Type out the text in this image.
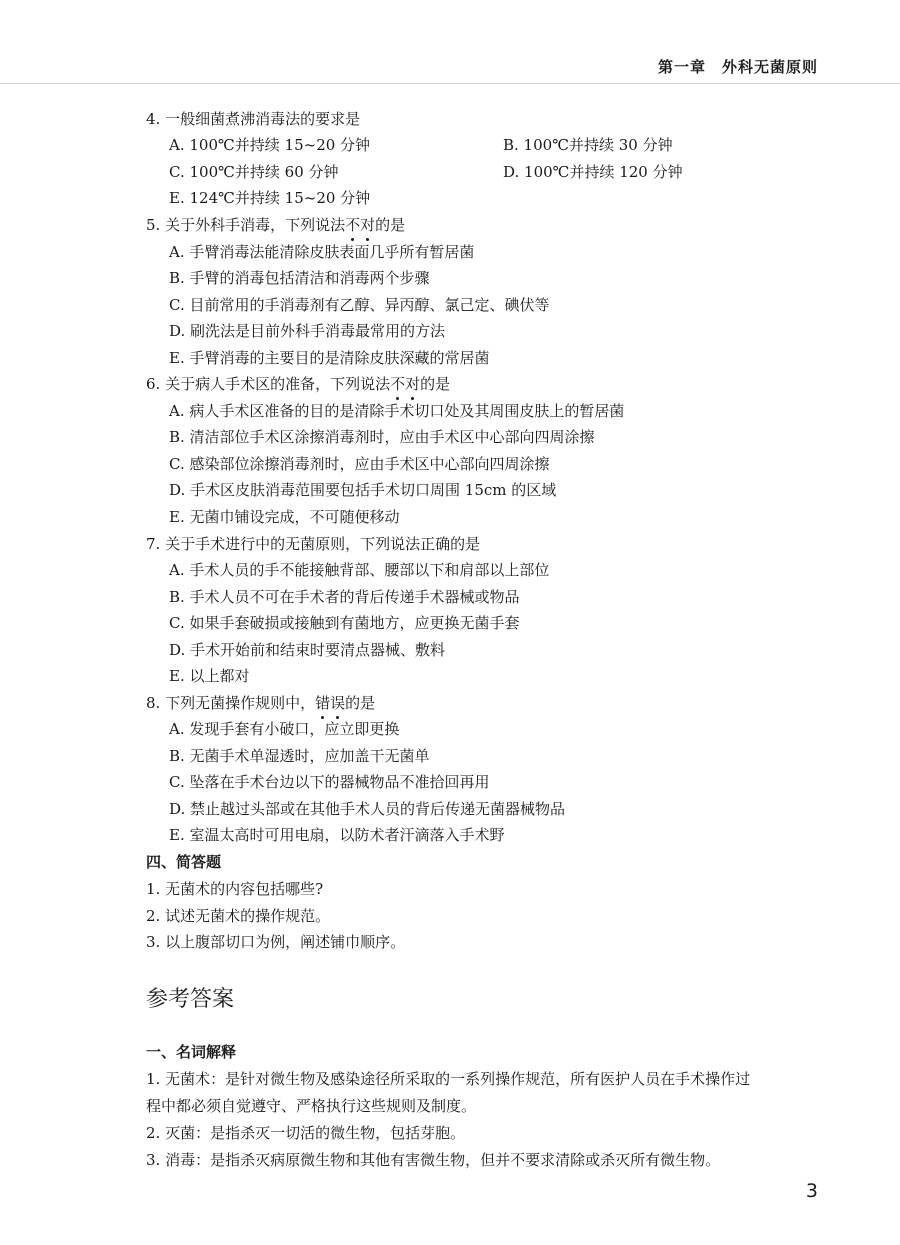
第一章　外科无菌原则
4. 一般细菌煮沸消毒法的要求是
A. 100℃并持续 15~20 分钟	B. 100℃并持续 30 分钟
C. 100℃并持续 60 分钟	D. 100℃并持续 120 分钟
E. 124℃并持续 15~20 分钟
5. 关于外科手消毒，下列说法不对的是
A. 手臂消毒法能清除皮肤表面几乎所有暂居菌
B. 手臂的消毒包括清洁和消毒两个步骤
C. 目前常用的手消毒剂有乙醇、异丙醇、氯己定、碘伏等
D. 刷洗法是目前外科手消毒最常用的方法
E. 手臂消毒的主要目的是清除皮肤深藏的常居菌
6. 关于病人手术区的准备，下列说法不对的是
A. 病人手术区准备的目的是清除手术切口处及其周围皮肤上的暂居菌
B. 清洁部位手术区涂擦消毒剂时，应由手术区中心部向四周涂擦
C. 感染部位涂擦消毒剂时，应由手术区中心部向四周涂擦
D. 手术区皮肤消毒范围要包括手术切口周围 15cm 的区域
E. 无菌巾铺设完成，不可随便移动
7. 关于手术进行中的无菌原则，下列说法正确的是
A. 手术人员的手不能接触背部、腰部以下和肩部以上部位
B. 手术人员不可在手术者的背后传递手术器械或物品
C. 如果手套破损或接触到有菌地方，应更换无菌手套
D. 手术开始前和结束时要清点器械、敷料
E. 以上都对
8. 下列无菌操作规则中，错误的是
A. 发现手套有小破口，应立即更换
B. 无菌手术单湿透时，应加盖干无菌单
C. 坠落在手术台边以下的器械物品不准拾回再用
D. 禁止越过头部或在其他手术人员的背后传递无菌器械物品
E. 室温太高时可用电扇，以防术者汗滴落入手术野
四、简答题
1. 无菌术的内容包括哪些?
2. 试述无菌术的操作规范。
3. 以上腹部切口为例，阐述铺巾顺序。
参考答案
一、名词解释
1. 无菌术：是针对微生物及感染途径所采取的一系列操作规范，所有医护人员在手术操作过
程中都必须自觉遵守、严格执行这些规则及制度。
2. 灭菌：是指杀灭一切活的微生物，包括芽胞。
3. 消毒：是指杀灭病原微生物和其他有害微生物，但并不要求清除或杀灭所有微生物。
3
